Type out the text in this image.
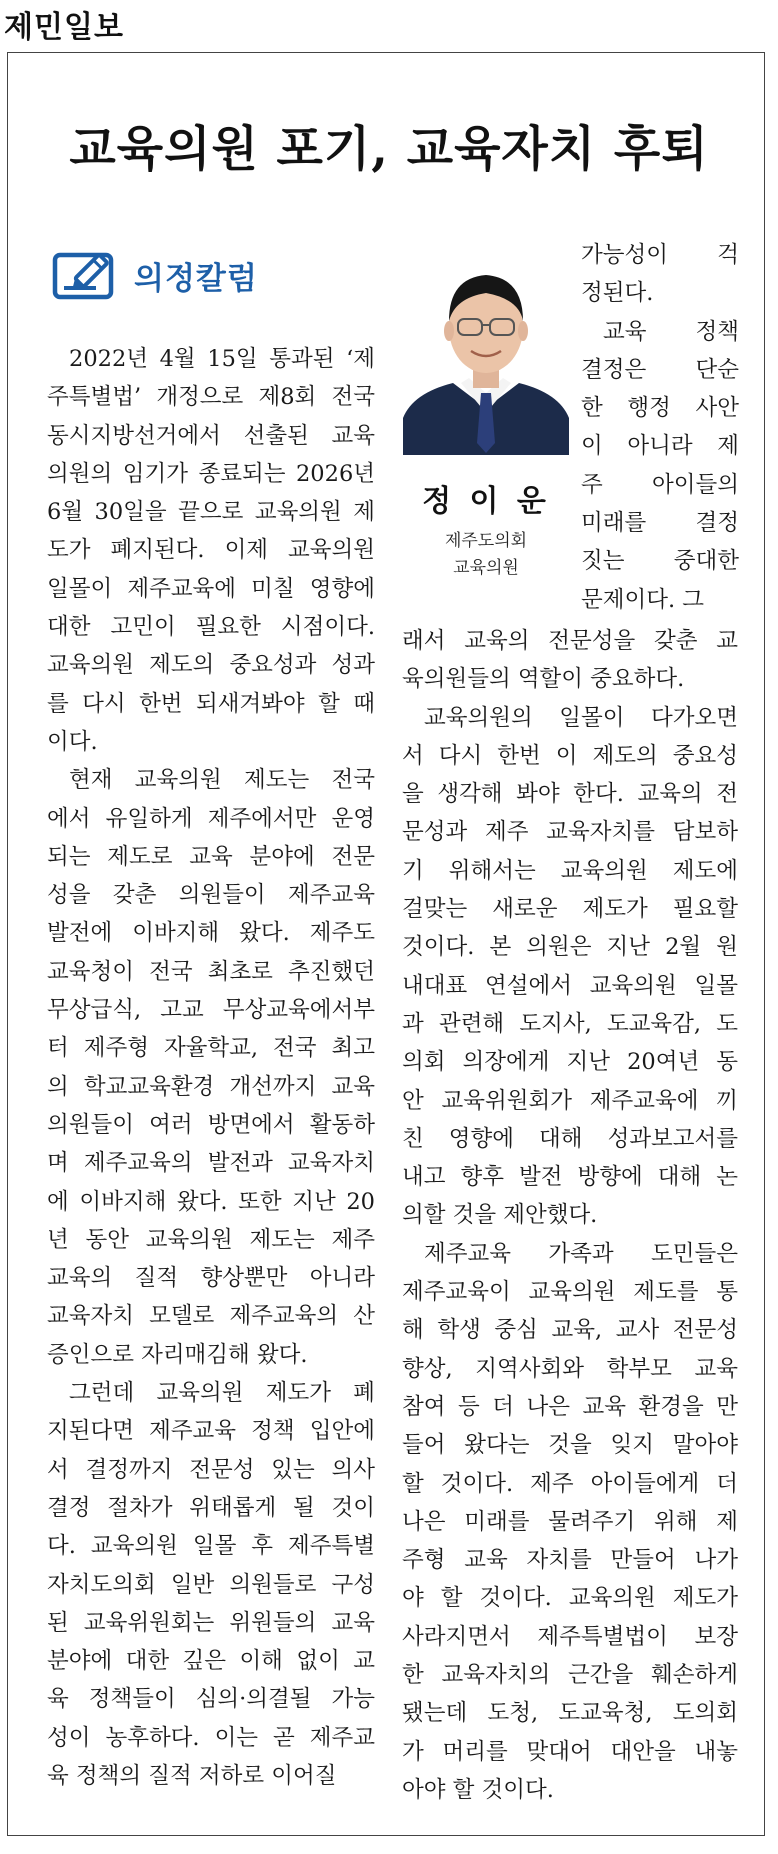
제민일보
교육의원 포기, 교육자치 후퇴
의정칼럼
정 이 운
제주도의회
교육의원
2022년 4월 15일 통과된 ‘제
주특별법’ 개정으로 제8회 전국
동시지방선거에서 선출된 교육
의원의 임기가 종료되는 2026년
6월 30일을 끝으로 교육의원 제
도가 폐지된다. 이제 교육의원
일몰이 제주교육에 미칠 영향에
대한 고민이 필요한 시점이다.
교육의원 제도의 중요성과 성과
를 다시 한번 되새겨봐야 할 때
이다.
현재 교육의원 제도는 전국
에서 유일하게 제주에서만 운영
되는 제도로 교육 분야에 전문
성을 갖춘 의원들이 제주교육
발전에 이바지해 왔다. 제주도
교육청이 전국 최초로 추진했던
무상급식, 고교 무상교육에서부
터 제주형 자율학교, 전국 최고
의 학교교육환경 개선까지 교육
의원들이 여러 방면에서 활동하
며 제주교육의 발전과 교육자치
에 이바지해 왔다. 또한 지난 20
년 동안 교육의원 제도는 제주
교육의 질적 향상뿐만 아니라
교육자치 모델로 제주교육의 산
증인으로 자리매김해 왔다.
그런데 교육의원 제도가 폐
지된다면 제주교육 정책 입안에
서 결정까지 전문성 있는 의사
결정 절차가 위태롭게 될 것이
다. 교육의원 일몰 후 제주특별
자치도의회 일반 의원들로 구성
된 교육위원회는 위원들의 교육
분야에 대한 깊은 이해 없이 교
육 정책들이 심의·의결될 가능
성이 농후하다. 이는 곧 제주교
육 정책의 질적 저하로 이어질
가능성이 걱
정된다.
교육 정책
결정은 단순
한 행정 사안
이 아니라 제
주 아이들의
미래를 결정
짓는 중대한
문제이다. 그
래서 교육의 전문성을 갖춘 교
육의원들의 역할이 중요하다.
교육의원의 일몰이 다가오면
서 다시 한번 이 제도의 중요성
을 생각해 봐야 한다. 교육의 전
문성과 제주 교육자치를 담보하
기 위해서는 교육의원 제도에
걸맞는 새로운 제도가 필요할
것이다. 본 의원은 지난 2월 원
내대표 연설에서 교육의원 일몰
과 관련해 도지사, 도교육감, 도
의회 의장에게 지난 20여년 동
안 교육위원회가 제주교육에 끼
친 영향에 대해 성과보고서를
내고 향후 발전 방향에 대해 논
의할 것을 제안했다.
제주교육 가족과 도민들은
제주교육이 교육의원 제도를 통
해 학생 중심 교육, 교사 전문성
향상, 지역사회와 학부모 교육
참여 등 더 나은 교육 환경을 만
들어 왔다는 것을 잊지 말아야
할 것이다. 제주 아이들에게 더
나은 미래를 물려주기 위해 제
주형 교육 자치를 만들어 나가
야 할 것이다. 교육의원 제도가
사라지면서 제주특별법이 보장
한 교육자치의 근간을 훼손하게
됐는데 도청, 도교육청, 도의회
가 머리를 맞대어 대안을 내놓
아야 할 것이다.
